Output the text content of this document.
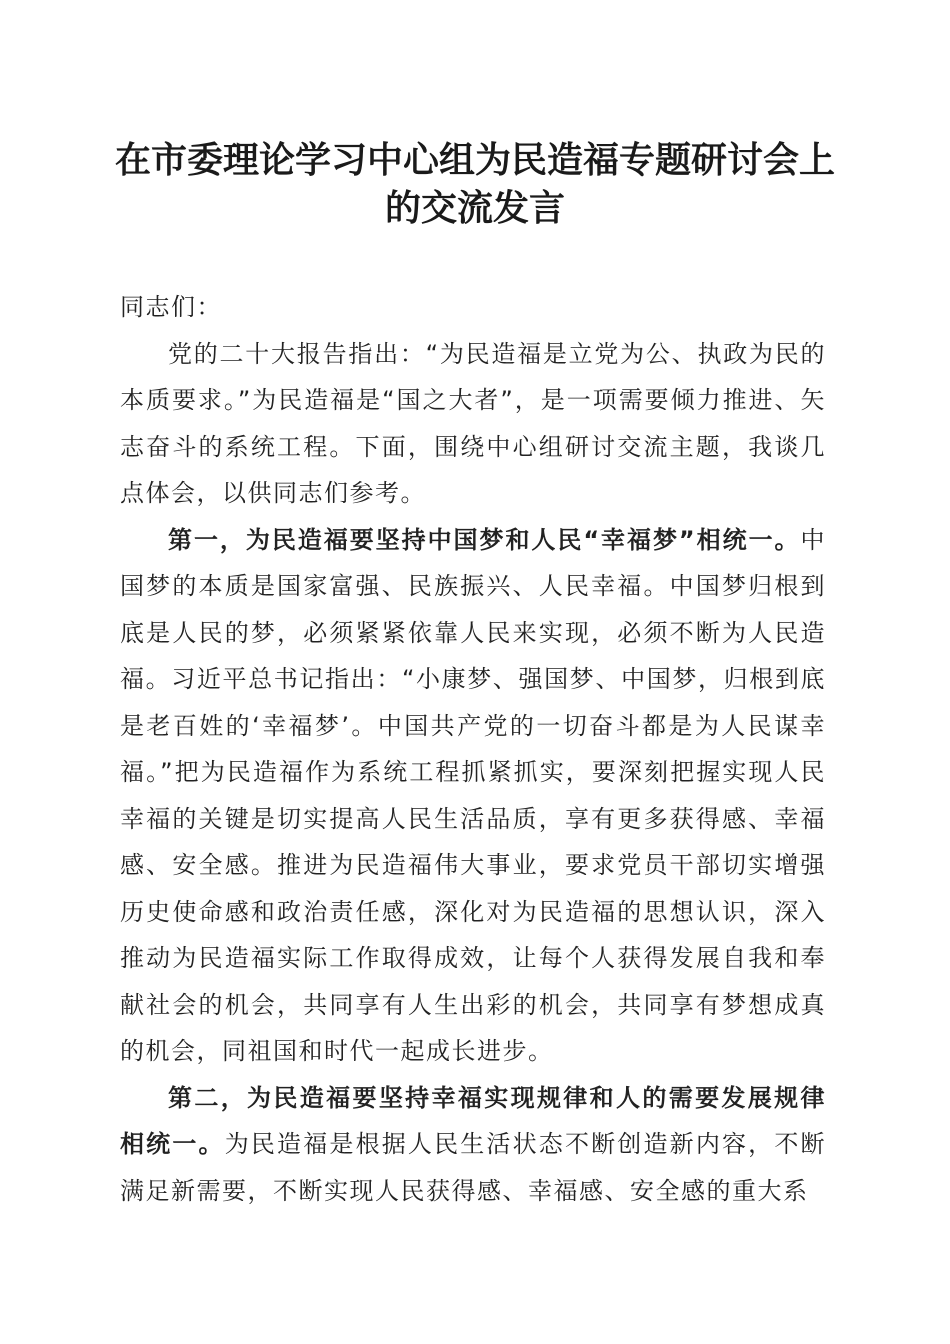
在市委理论学习中心组为民造福专题研讨会上
的交流发言

同志们：

党的二十大报告指出：“为民造福是立党为公、执政为民的本质要求。”为民造福是“国之大者”，是一项需要倾力推进、矢志奋斗的系统工程。下面，围绕中心组研讨交流主题，我谈几点体会，以供同志们参考。

第一，为民造福要坚持中国梦和人民“幸福梦”相统一。中国梦的本质是国家富强、民族振兴、人民幸福。中国梦归根到底是人民的梦，必须紧紧依靠人民来实现，必须不断为人民造福。习近平总书记指出：“小康梦、强国梦、中国梦，归根到底是老百姓的‘幸福梦’。中国共产党的一切奋斗都是为人民谋幸福。”把为民造福作为系统工程抓紧抓实，要深刻把握实现人民幸福的关键是切实提高人民生活品质，享有更多获得感、幸福感、安全感。推进为民造福伟大事业，要求党员干部切实增强历史使命感和政治责任感，深化对为民造福的思想认识，深入推动为民造福实际工作取得成效，让每个人获得发展自我和奉献社会的机会，共同享有人生出彩的机会，共同享有梦想成真的机会，同祖国和时代一起成长进步。

第二，为民造福要坚持幸福实现规律和人的需要发展规律相统一。为民造福是根据人民生活状态不断创造新内容，不断满足新需要，不断实现人民获得感、幸福感、安全感的重大系
